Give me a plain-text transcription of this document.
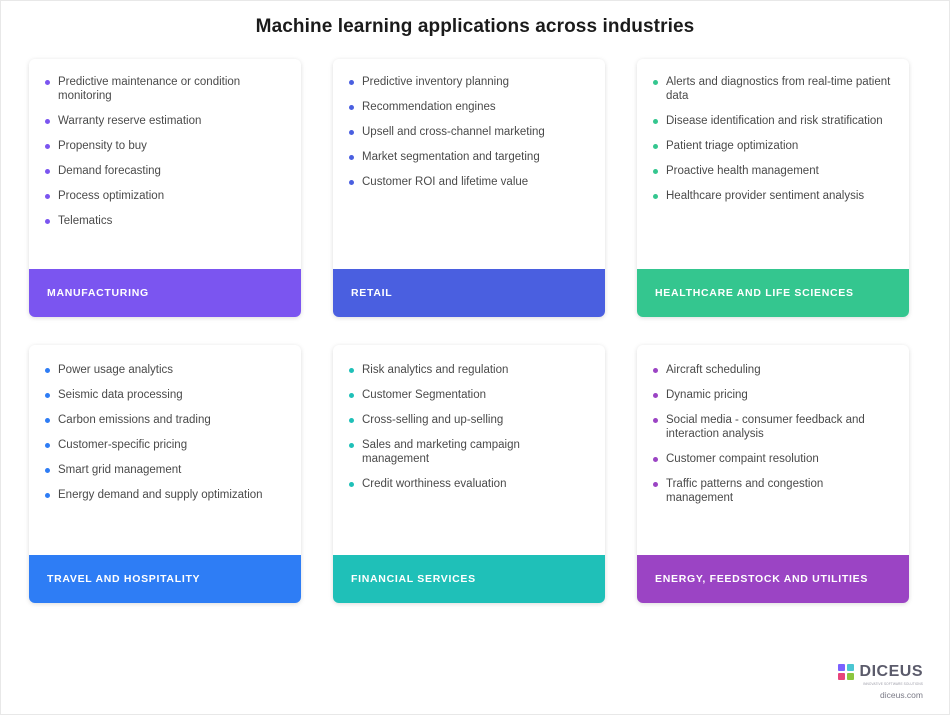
Machine learning applications across industries
Predictive maintenance or condition monitoring
Warranty reserve estimation
Propensity to buy
Demand forecasting
Process optimization
Telematics
MANUFACTURING
Predictive inventory planning
Recommendation engines
Upsell and cross-channel marketing
Market segmentation and targeting
Customer ROI and lifetime value
RETAIL
Alerts and diagnostics from real-time patient data
Disease identification and risk stratification
Patient triage optimization
Proactive health management
Healthcare provider sentiment analysis
HEALTHCARE AND LIFE SCIENCES
Power usage analytics
Seismic data processing
Carbon emissions and trading
Customer-specific pricing
Smart grid management
Energy demand and supply optimization
TRAVEL AND HOSPITALITY
Risk analytics and regulation
Customer Segmentation
Cross-selling and up-selling
Sales and marketing campaign management
Credit worthiness evaluation
FINANCIAL SERVICES
Aircraft scheduling
Dynamic pricing
Social media - consumer feedback and interaction analysis
Customer compaint resolution
Traffic patterns and congestion management
ENERGY, FEEDSTOCK AND UTILITIES
DICEUS
INNOVATIVE SOFTWARE SOLUTIONS
diceus.com
